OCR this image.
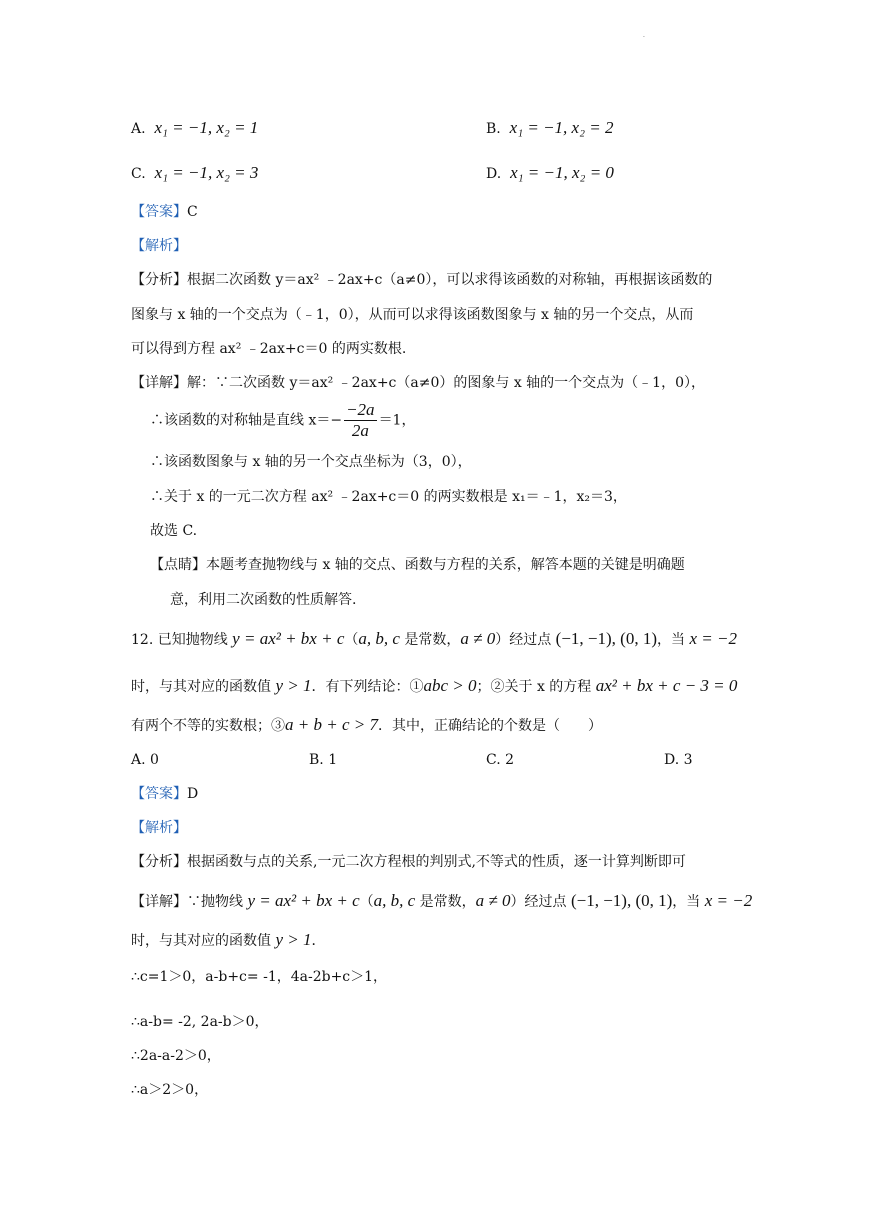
·
A. x₁ = −1, x₂ = 1	B. x₁ = −1, x₂ = 2
C. x₁ = −1, x₂ = 3	D. x₁ = −1, x₂ = 0
【答案】C
【解析】
【分析】根据二次函数 y＝ax² ﹣2ax+c（a≠0），可以求得该函数的对称轴，再根据该函数的
图象与 x 轴的一个交点为（﹣1，0），从而可以求得该函数图象与 x 轴的另一个交点，从而
可以得到方程 ax² ﹣2ax+c＝0 的两实数根.
【详解】解：∵二次函数 y＝ax² ﹣2ax+c（a≠0）的图象与 x 轴的一个交点为（﹣1，0），
∴该函数的对称轴是直线 $x=- \frac{-2a}{2a} =1$，
∴该函数图象与 x 轴的另一个交点坐标为（3，0），
∴关于 x 的一元二次方程 ax² ﹣2ax+c＝0 的两实数根是 x₁＝﹣1，x₂＝3，
故选 C.
【点睛】本题考查抛物线与 x 轴的交点、函数与方程的关系，解答本题的关键是明确题
意，利用二次函数的性质解答.
12. 已知抛物线 y = ax² + bx + c（a, b, c 是常数，a ≠ 0）经过点 (−1, −1), (0, 1)，当 x = −2
时，与其对应的函数值 y > 1．有下列结论：①abc > 0；②关于 x 的方程 ax² + bx + c − 3 = 0
有两个不等的实数根；③a + b + c > 7．其中，正确结论的个数是（　　）
A. 0	B. 1	C. 2	D. 3
【答案】D
【解析】
【分析】根据函数与点的关系,一元二次方程根的判别式,不等式的性质，逐一计算判断即可
【详解】∵抛物线 y = ax² + bx + c（a, b, c 是常数，a ≠ 0）经过点 (−1, −1), (0, 1)，当 x = −2
时，与其对应的函数值 y > 1．
∴c=1＞0，a-b+c= -1，4a-2b+c＞1，
∴a-b= -2, 2a-b＞0，
∴2a-a-2＞0，
∴a＞2＞0，
